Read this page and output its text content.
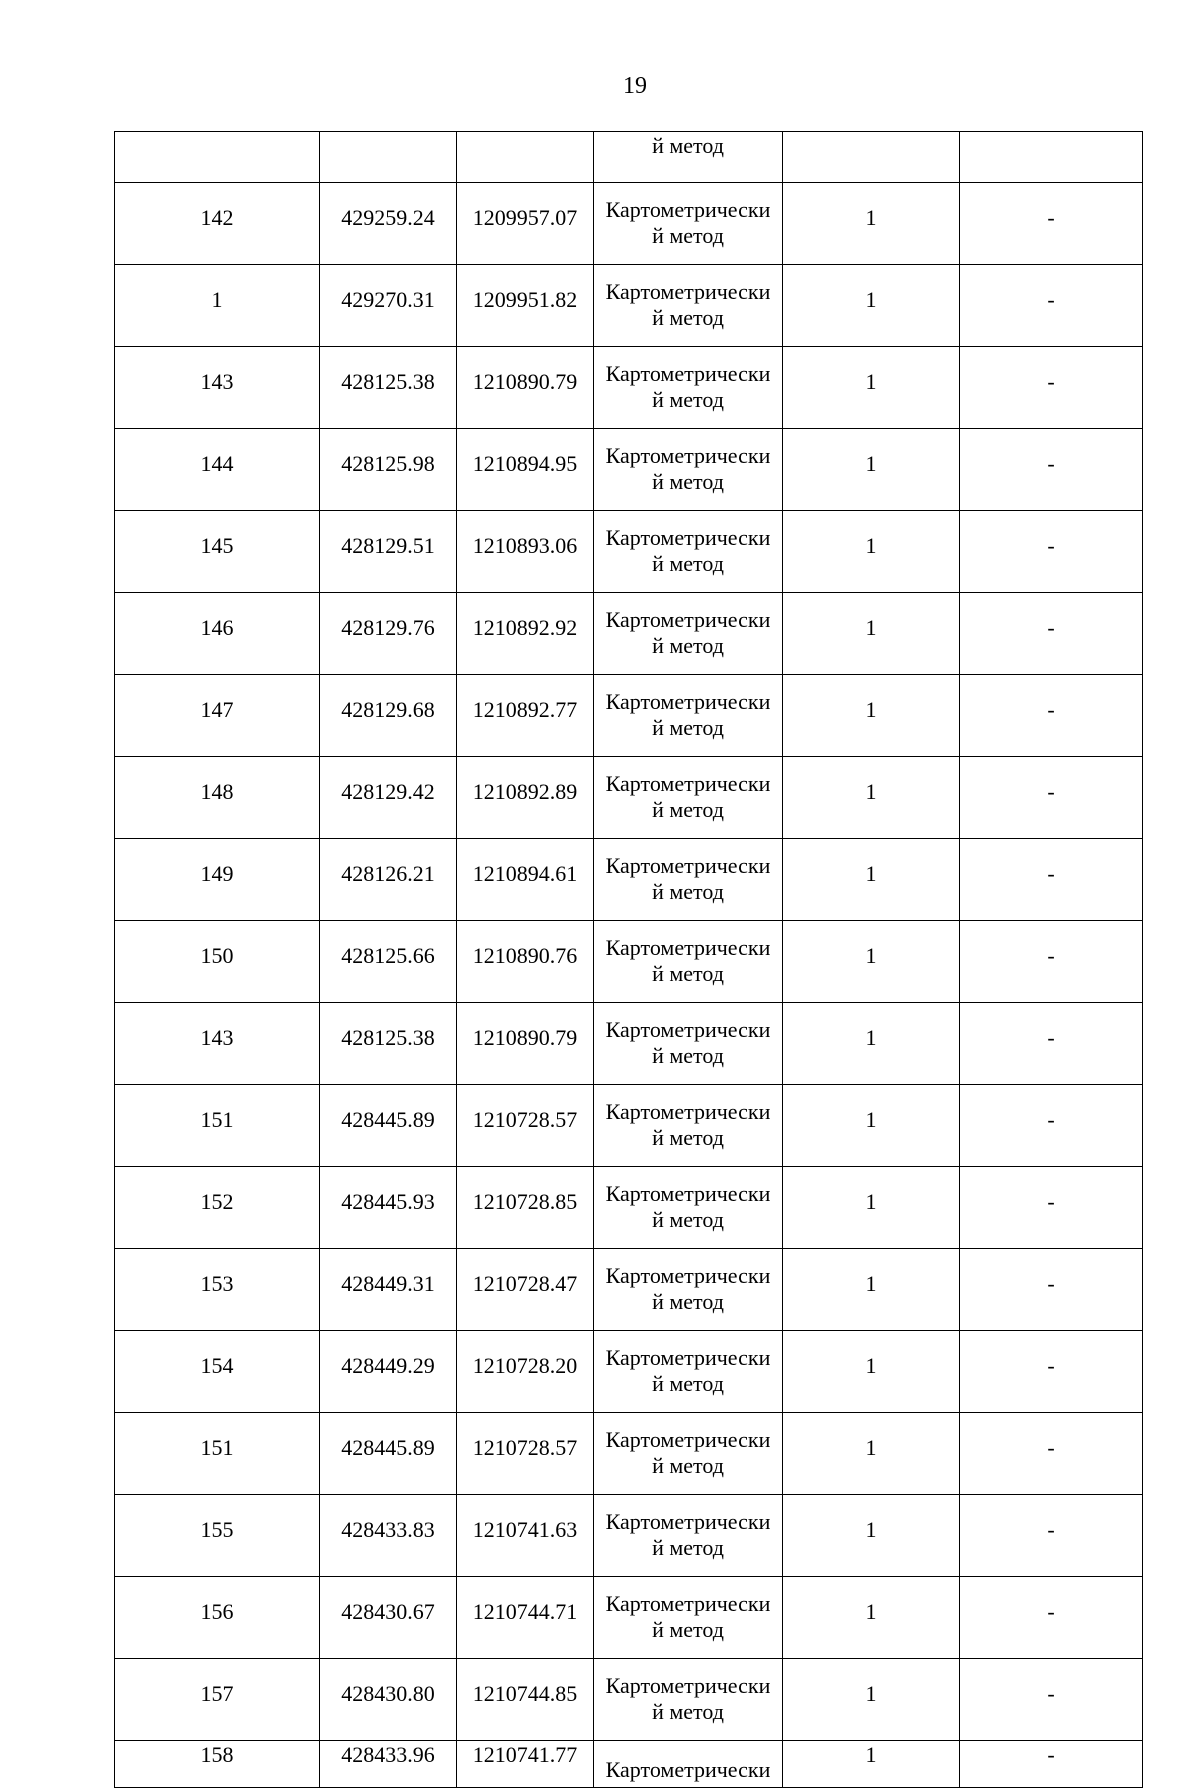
19
			й метод		
142	429259.24	1209957.07	Картометрически
й метод	1	-
1	429270.31	1209951.82	Картометрически
й метод	1	-
143	428125.38	1210890.79	Картометрически
й метод	1	-
144	428125.98	1210894.95	Картометрически
й метод	1	-
145	428129.51	1210893.06	Картометрически
й метод	1	-
146	428129.76	1210892.92	Картометрически
й метод	1	-
147	428129.68	1210892.77	Картометрически
й метод	1	-
148	428129.42	1210892.89	Картометрически
й метод	1	-
149	428126.21	1210894.61	Картометрически
й метод	1	-
150	428125.66	1210890.76	Картометрически
й метод	1	-
143	428125.38	1210890.79	Картометрически
й метод	1	-
151	428445.89	1210728.57	Картометрически
й метод	1	-
152	428445.93	1210728.85	Картометрически
й метод	1	-
153	428449.31	1210728.47	Картометрически
й метод	1	-
154	428449.29	1210728.20	Картометрически
й метод	1	-
151	428445.89	1210728.57	Картометрически
й метод	1	-
155	428433.83	1210741.63	Картометрически
й метод	1	-
156	428430.67	1210744.71	Картометрически
й метод	1	-
157	428430.80	1210744.85	Картометрически
й метод	1	-
158	428433.96	1210741.77	Картометрически	1	-
